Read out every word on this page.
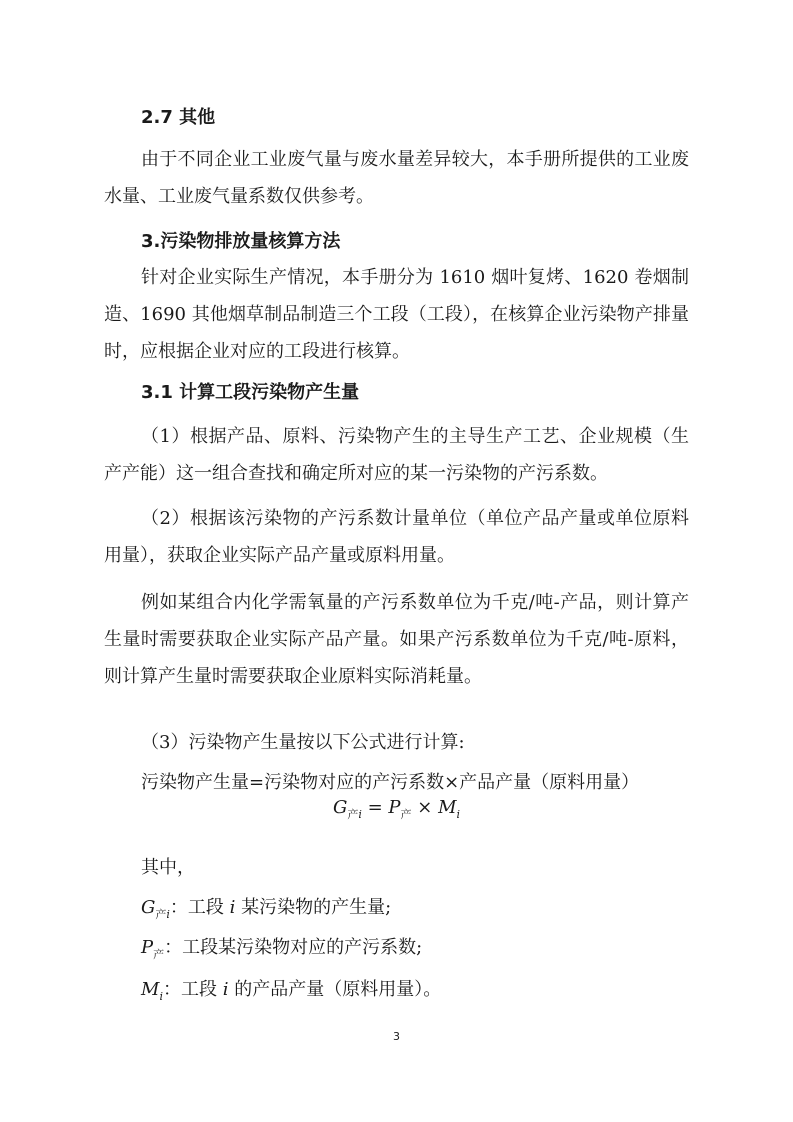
2.7 其他

由于不同企业工业废气量与废水量差异较大，本手册所提供的工业废水量、工业废气量系数仅供参考。

3.污染物排放量核算方法

针对企业实际生产情况，本手册分为 1610 烟叶复烤、1620 卷烟制造、1690 其他烟草制品制造三个工段（工段），在核算企业污染物产排量时，应根据企业对应的工段进行核算。

3.1 计算工段污染物产生量

（1）根据产品、原料、污染物产生的主导生产工艺、企业规模（生产产能）这一组合查找和确定所对应的某一污染物的产污系数。

（2）根据该污染物的产污系数计量单位（单位产品产量或单位原料用量），获取企业实际产品产量或原料用量。

例如某组合内化学需氧量的产污系数单位为千克/吨-产品，则计算产生量时需要获取企业实际产品产量。如果产污系数单位为千克/吨-原料，则计算产生量时需要获取企业原料实际消耗量。

（3）污染物产生量按以下公式进行计算:

污染物产生量=污染物对应的产污系数×产品产量（原料用量）

$G_{产i} = P_产 \times M_i$

其中，

$G_{产i}$：工段 i 某污染物的产生量;

$P_产$：工段某污染物对应的产污系数;

$M_i$：工段 i 的产品产量（原料用量）。

3
